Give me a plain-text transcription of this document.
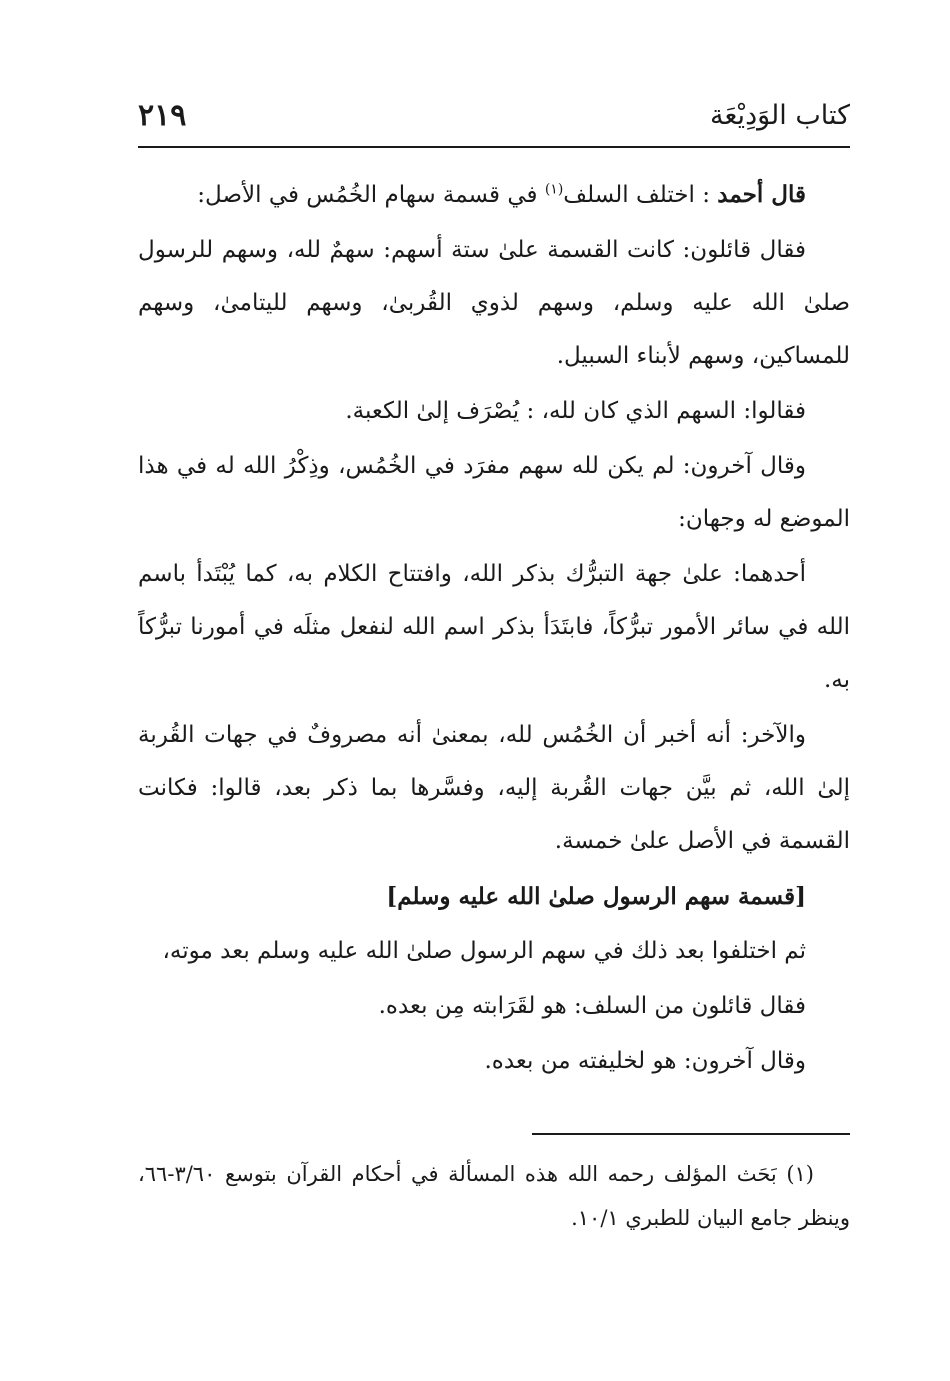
كتاب الوَدِيْعَة
٢١٩

قال أحمد : اختلف السلف$^{(١)}$ في قسمة سهام الخُمُس في الأصل:

فقال قائلون: كانت القسمة علىٰ ستة أسهم: سهمٌ لله، وسهم للرسول صلىٰ الله عليه وسلم، وسهم لذوي القُربىٰ، وسهم لليتامىٰ، وسهم للمساكين، وسهم لأبناء السبيل.

فقالوا: السهم الذي كان لله، : يُصْرَف إلىٰ الكعبة.

وقال آخرون: لم يكن لله سهم مفرَد في الخُمُس، وذِكْرُ الله له في هذا الموضع له وجهان:

أحدهما: علىٰ جهة التبرُّك بذكر الله، وافتتاح الكلام به، كما يُبْتَدأ باسم الله في سائر الأمور تبرُّكاً، فابتَدَأ بذكر اسم الله لنفعل مثلَه في أمورنا تبرُّكاً به.

والآخر: أنه أخبر أن الخُمُس لله، بمعنىٰ أنه مصروفٌ في جهات القُربة إلىٰ الله، ثم بيَّن جهات القُربة إليه، وفسَّرها بما ذكر بعد، قالوا: فكانت القسمة في الأصل علىٰ خمسة.

[قسمة سهم الرسول صلىٰ الله عليه وسلم]

ثم اختلفوا بعد ذلك في سهم الرسول صلىٰ الله عليه وسلم بعد موته،

فقال قائلون من السلف: هو لقَرَابته مِن بعده.

وقال آخرون: هو لخليفته من بعده.

(١) بَحَث المؤلف رحمه الله هذه المسألة في أحكام القرآن بتوسع ٣/٦٠-٦٦، وينظر جامع البيان للطبري ١٠/١.
